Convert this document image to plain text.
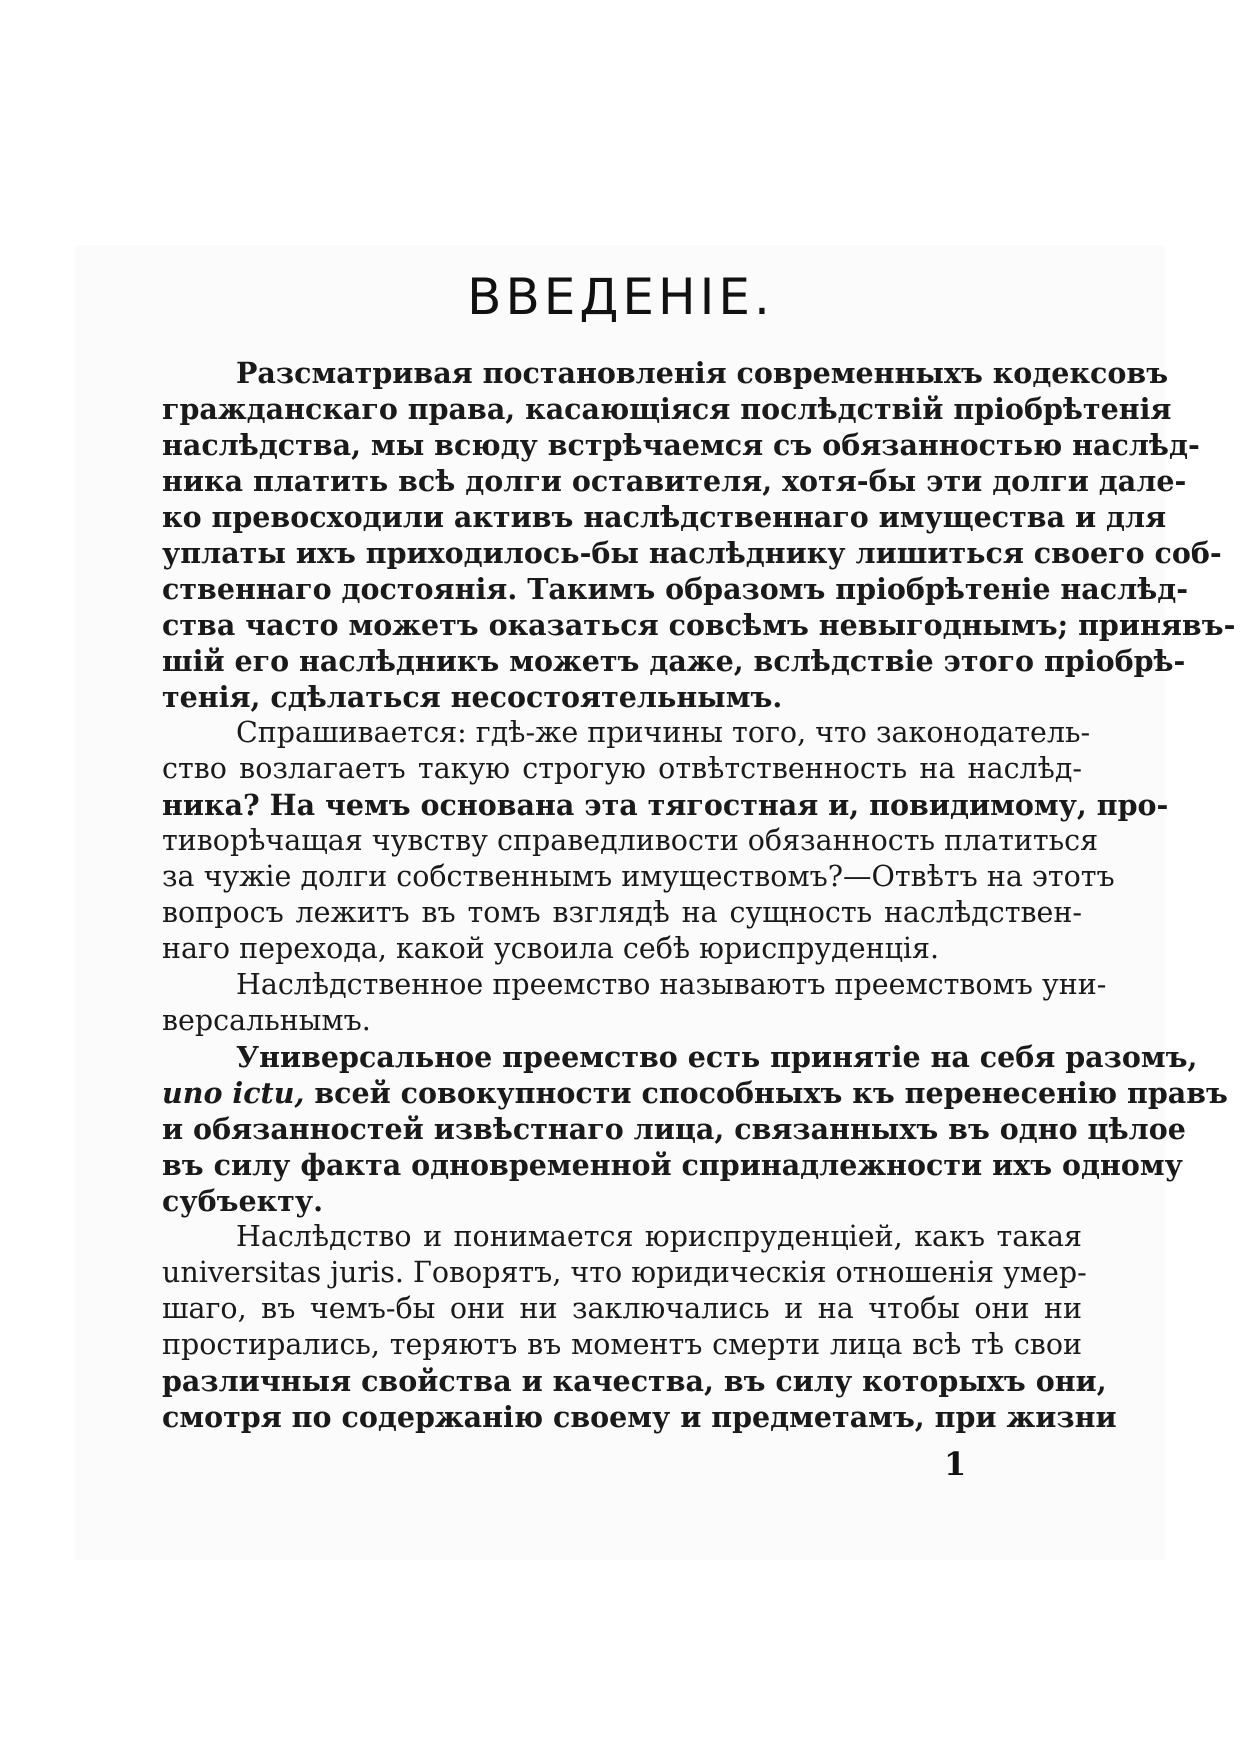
ВВЕДЕНІЕ.
Разсматривая постановленія современныхъ кодексовъ
гражданскаго права, касающіяся послѣдствій пріобрѣтенія
наслѣдства, мы всюду встрѣчаемся съ обязанностью наслѣд-
ника платить всѣ долги оставителя, хотя-бы эти долги дале-
ко превосходили активъ наслѣдственнаго имущества и для
уплаты ихъ приходилось-бы наслѣднику лишиться своего соб-
ственнаго достоянія. Такимъ образомъ пріобрѣтеніе наслѣд-
ства часто можетъ оказаться совсѣмъ невыгоднымъ; принявъ-
шій его наслѣдникъ можетъ даже, вслѣдствіе этого пріобрѣ-
тенія, сдѣлаться несостоятельнымъ.
Спрашивается: гдѣ-же причины того, что законодатель-
ство возлагаетъ такую строгую отвѣтственность на наслѣд-
ника? На чемъ основана эта тягостная и, повидимому, про-
тиворѣчащая чувству справедливости обязанность платиться
за чужіе долги собственнымъ имуществомъ?—Отвѣтъ на этотъ
вопросъ лежитъ въ томъ взглядѣ на сущность наслѣдствен-
наго перехода, какой усвоила себѣ юриспруденція.
Наслѣдственное преемство называютъ преемствомъ уни-
версальнымъ.
Универсальное преемство есть принятіе на себя разомъ,
uno ictu, всей совокупности способныхъ къ перенесенію правъ
и обязанностей извѣстнаго лица, связанныхъ въ одно цѣлое
въ силу факта одновременной спринадлежности ихъ одному
субъекту.
Наслѣдство и понимается юриспруденціей, какъ такая
universitas juris. Говорятъ, что юридическія отношенія умер-
шаго, въ чемъ-бы они ни заключались и на чтобы они ни
простирались, теряютъ въ моментъ смерти лица всѣ тѣ свои
различныя свойства и качества, въ силу которыхъ они,
смотря по содержанію своему и предметамъ, при жизни
1
